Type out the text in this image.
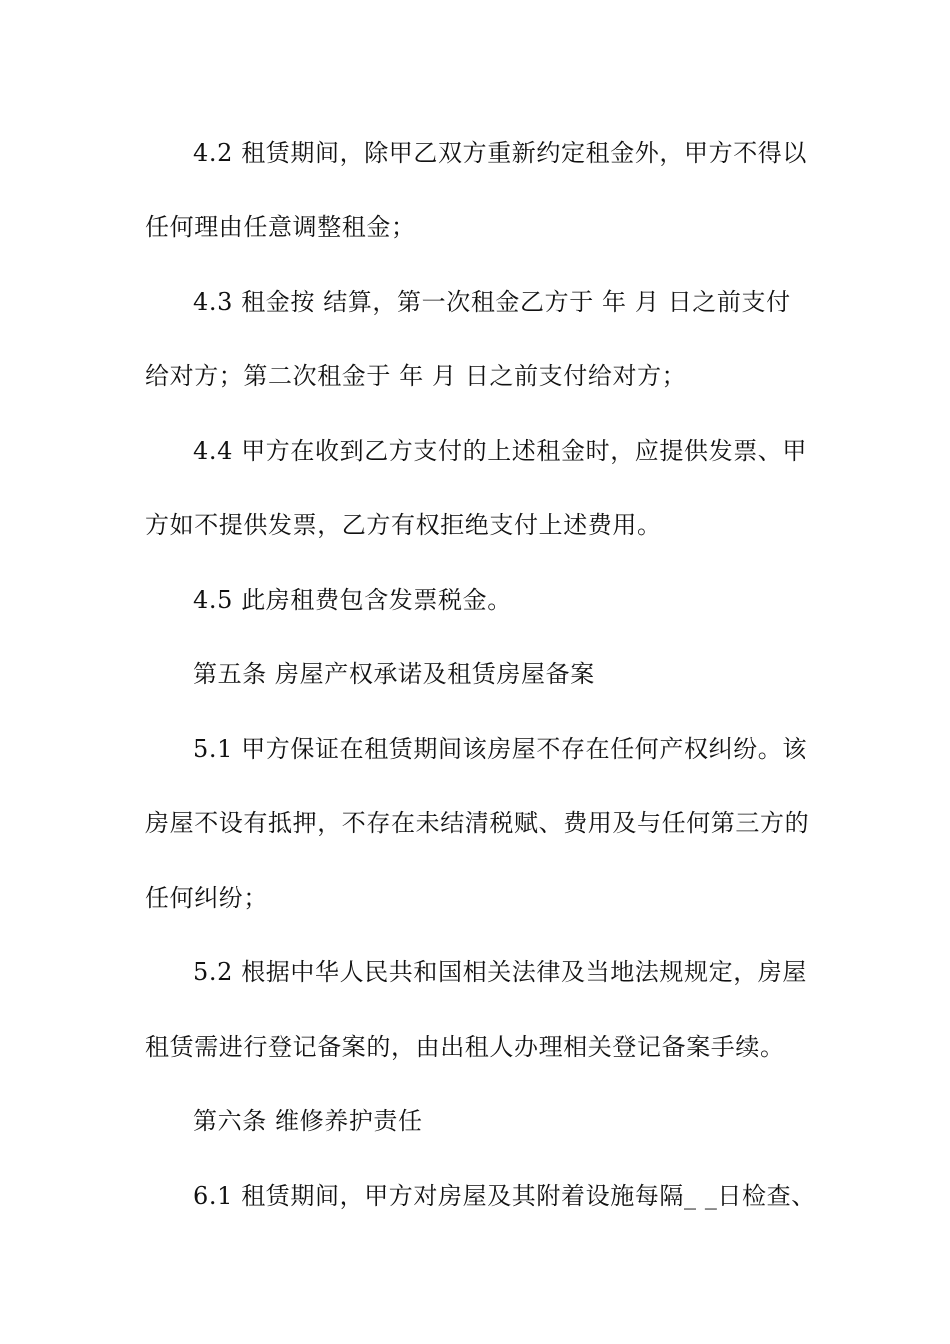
4.2 租赁期间，除甲乙双方重新约定租金外，甲方不得以
任何理由任意调整租金；
4.3 租金按 结算，第一次租金乙方于 年 月 日之前支付
给对方；第二次租金于 年 月 日之前支付给对方；
4.4 甲方在收到乙方支付的上述租金时，应提供发票、甲
方如不提供发票，乙方有权拒绝支付上述费用。
4.5 此房租费包含发票税金。
第五条 房屋产权承诺及租赁房屋备案
5.1 甲方保证在租赁期间该房屋不存在任何产权纠纷。该
房屋不设有抵押，不存在未结清税赋、费用及与任何第三方的
任何纠纷；
5.2 根据中华人民共和国相关法律及当地法规规定，房屋
租赁需进行登记备案的，由出租人办理相关登记备案手续。
第六条 维修养护责任
6.1 租赁期间，甲方对房屋及其附着设施每隔_ _日检查、
